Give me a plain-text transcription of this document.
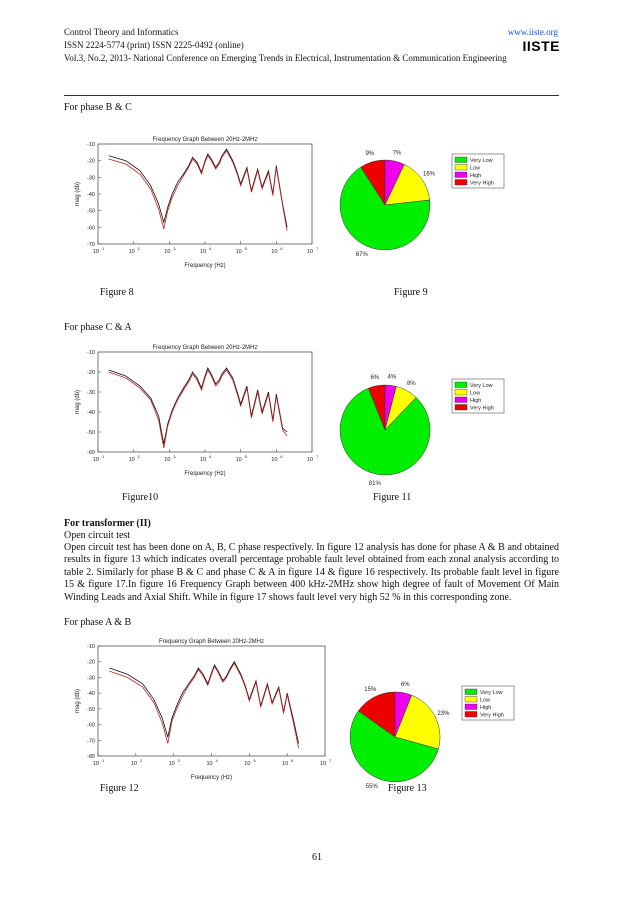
Control Theory and Informatics	www.iiste.org
ISSN 2224-5774 (print) ISSN 2225-0492 (online)
Vol.3, No.2, 2013- National Conference on Emerging Trends in Electrical, Instrumentation & Communication Engineering
IISTE
For phase B & C
Frequency Graph Between 20Hz-2MHz
Frequency (Hz)
mag (db)
-10
-20
-30
-40
-50
-60
-70
10
1
10
2
10
3
10
4
10
5
10
6
10
7
9%	7%
16%
67%
Very Low
Low
High
Very High
Figure 8	Figure 9
For phase C & A
Frequency Graph Between 20Hz-2MHz
Frequency (Hz)
mag (db)
-10
-20
-30
-40
-50
-60
10
1
10
2
10
3
10
4
10
5
10
6
10
7
6% 4%
8%
81%
Very Low
Low
High
Very High
Figure10	Figure 11
For transformer (II)
Open circuit test
Open circuit test has been done on A, B, C phase respectively. In figure 12 analysis has done for phase A & B and obtained results in figure 13 which indicates overall percentage probable fault level obtained from each zonal analysis according to table 2. Similarly for phase B & C and phase C & A in figure 14 & figure 16 respectively. Its probable fault level in figure 15 & figure 17.In figure 16 Frequency Graph between 400 kHz-2MHz show high degree of fault of Movement Of Main Winding Leads and Axial Shift. While in figure 17 shows fault level very high 52 % in this corresponding zone.
For phase A & B
Frequency Graph Between 20Hz-2MHz
Frequency (Hz)
mag (db)
-10
-20
-30
-40
-50
-60
-70
-80
10
1
10
2
10
3
10
4
10
5
10
6
10
7
15%
6%
23%
55%
Very Low
Low
High
Very High
Figure 12	Figure 13
61
